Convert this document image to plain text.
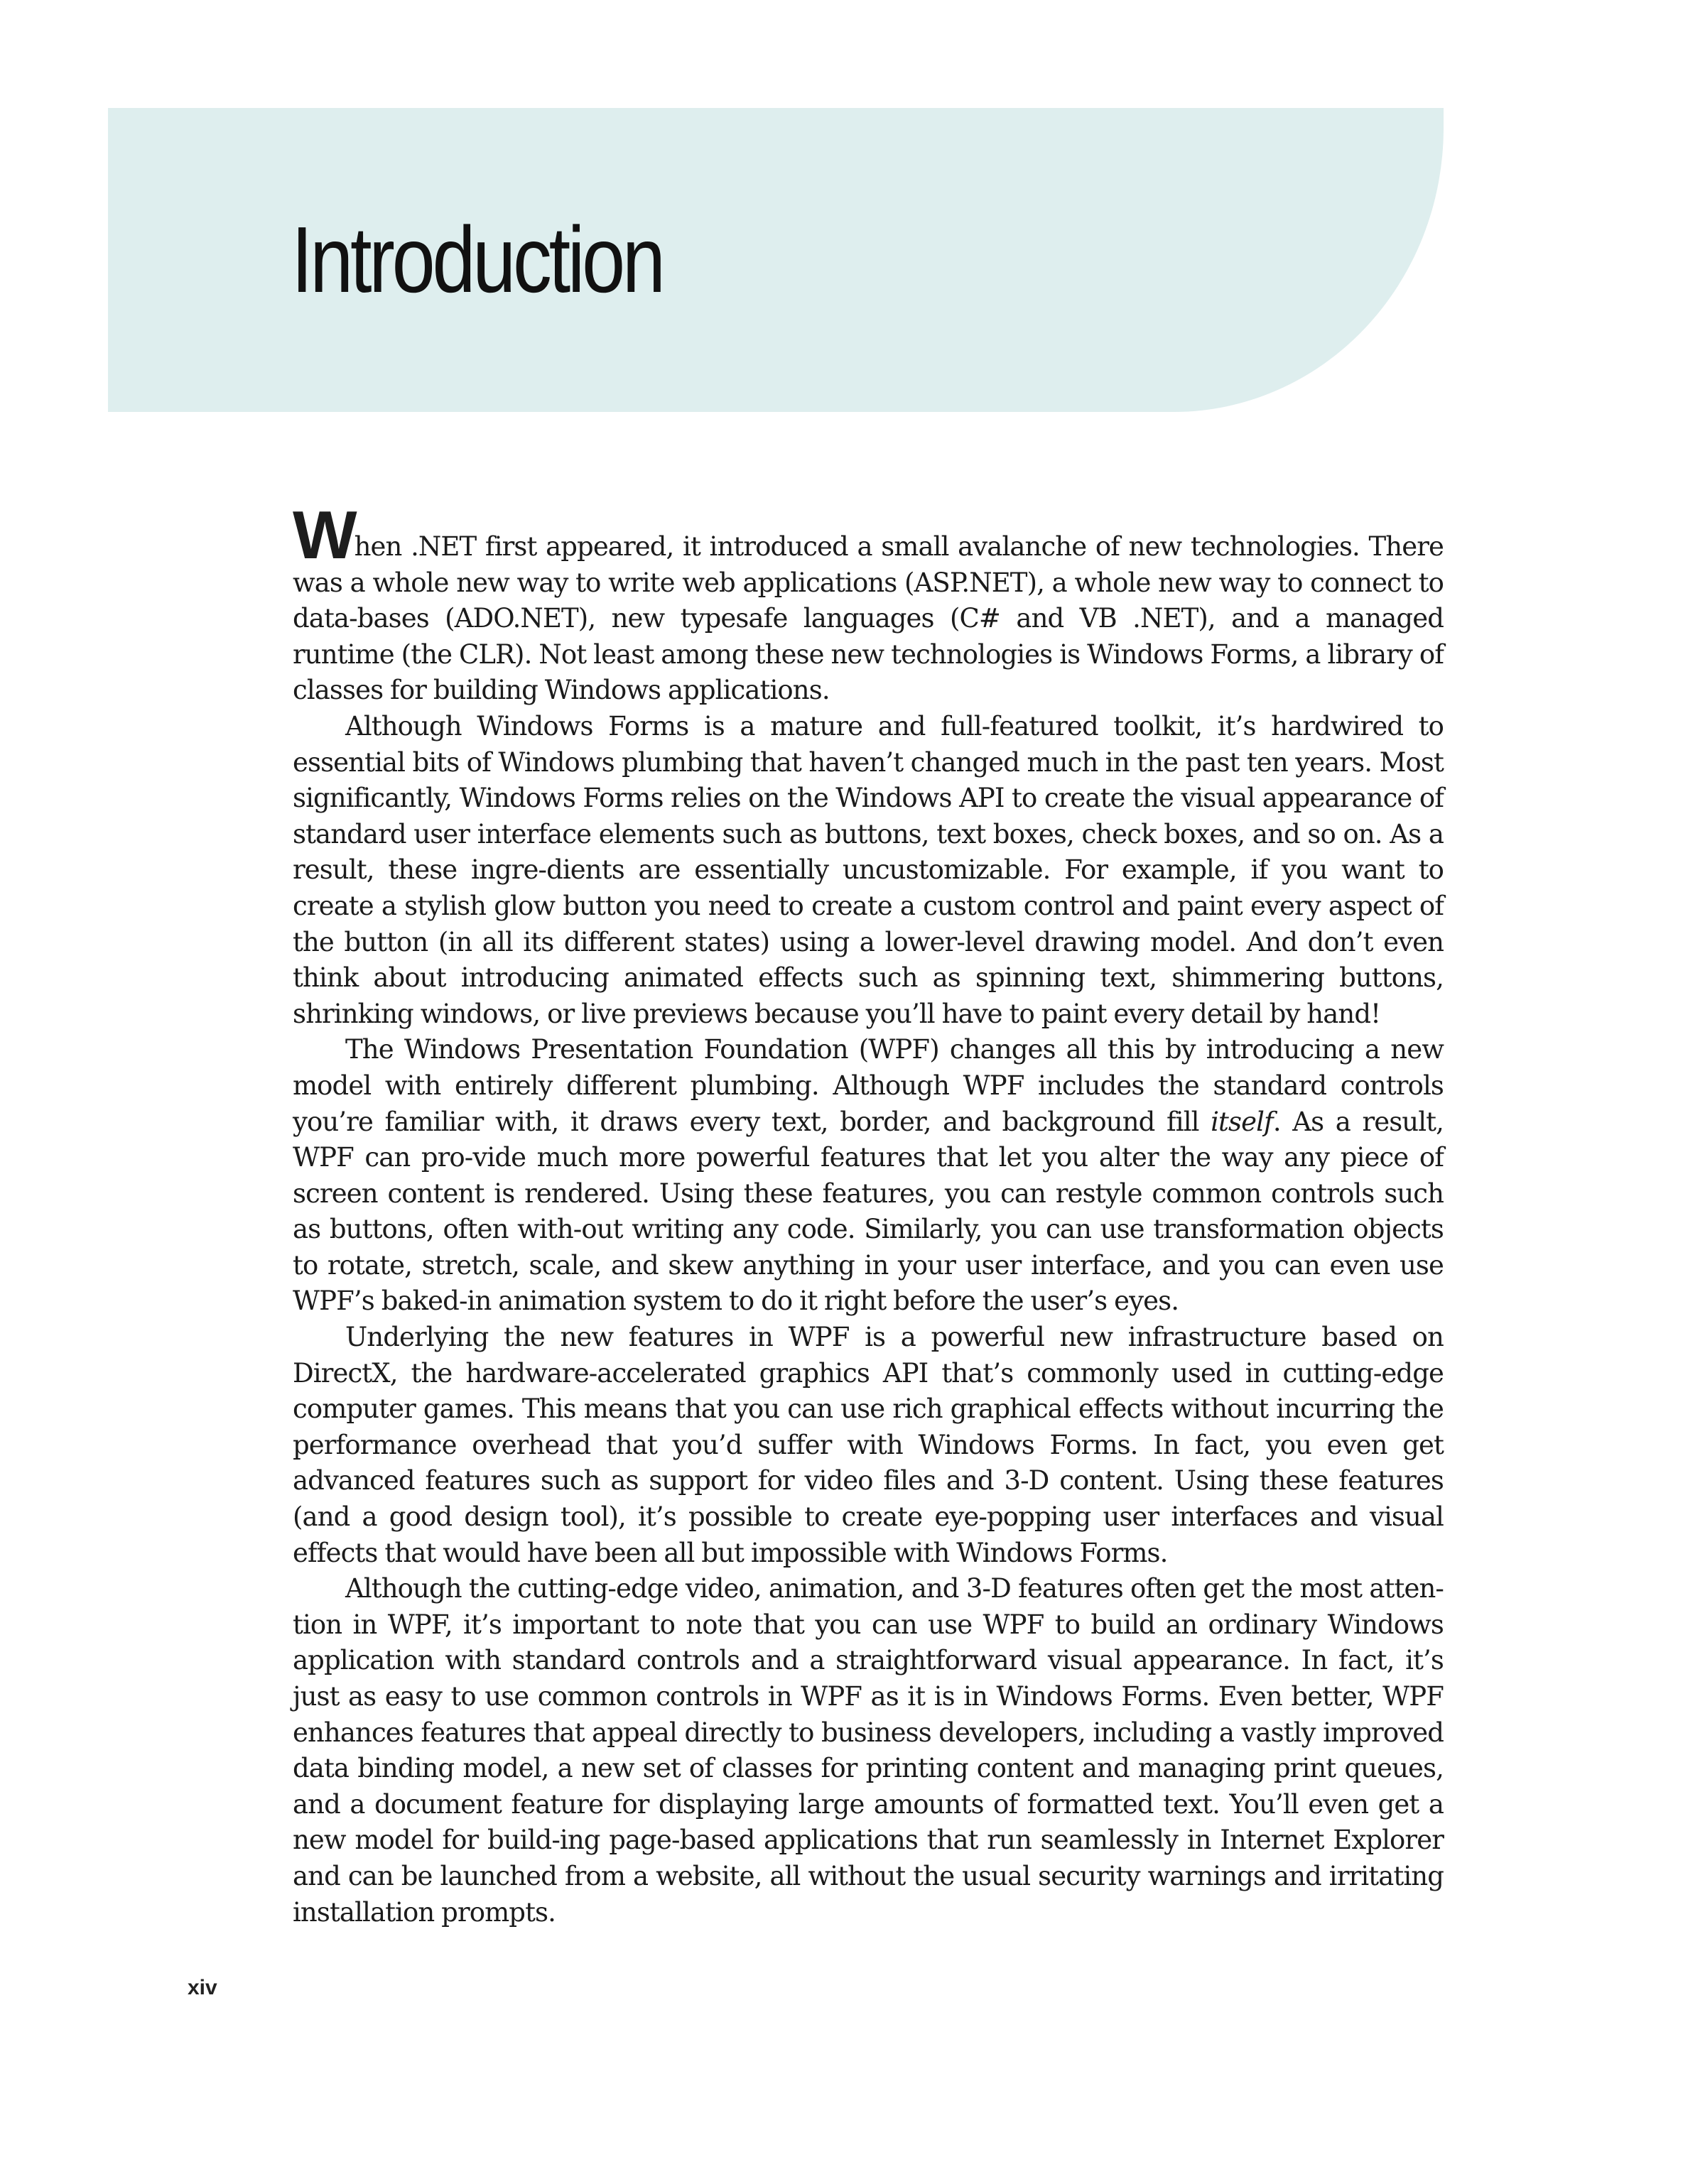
Introduction

When .NET first appeared, it introduced a small avalanche of new technologies. There was a whole new way to write web applications (ASP.NET), a whole new way to connect to data-bases (ADO.NET), new typesafe languages (C# and VB .NET), and a managed runtime (the CLR). Not least among these new technologies is Windows Forms, a library of classes for building Windows applications.

Although Windows Forms is a mature and full-featured toolkit, it’s hardwired to essential bits of Windows plumbing that haven’t changed much in the past ten years. Most significantly, Windows Forms relies on the Windows API to create the visual appearance of standard user interface elements such as buttons, text boxes, check boxes, and so on. As a result, these ingre-dients are essentially uncustomizable. For example, if you want to create a stylish glow button you need to create a custom control and paint every aspect of the button (in all its different states) using a lower-level drawing model. And don’t even think about introducing animated effects such as spinning text, shimmering buttons, shrinking windows, or live previews because you’ll have to paint every detail by hand!

The Windows Presentation Foundation (WPF) changes all this by introducing a new model with entirely different plumbing. Although WPF includes the standard controls you’re familiar with, it draws every text, border, and background fill itself. As a result, WPF can pro-vide much more powerful features that let you alter the way any piece of screen content is rendered. Using these features, you can restyle common controls such as buttons, often with-out writing any code. Similarly, you can use transformation objects to rotate, stretch, scale, and skew anything in your user interface, and you can even use WPF’s baked-in animation system to do it right before the user’s eyes.

Underlying the new features in WPF is a powerful new infrastructure based on DirectX, the hardware-accelerated graphics API that’s commonly used in cutting-edge computer games. This means that you can use rich graphical effects without incurring the performance overhead that you’d suffer with Windows Forms. In fact, you even get advanced features such as support for video files and 3-D content. Using these features (and a good design tool), it’s possible to create eye-popping user interfaces and visual effects that would have been all but impossible with Windows Forms.

Although the cutting-edge video, animation, and 3-D features often get the most atten-tion in WPF, it’s important to note that you can use WPF to build an ordinary Windows application with standard controls and a straightforward visual appearance. In fact, it’s just as easy to use common controls in WPF as it is in Windows Forms. Even better, WPF enhances features that appeal directly to business developers, including a vastly improved data binding model, a new set of classes for printing content and managing print queues, and a document feature for displaying large amounts of formatted text. You’ll even get a new model for build-ing page-based applications that run seamlessly in Internet Explorer and can be launched from a website, all without the usual security warnings and irritating installation prompts.

xiv
